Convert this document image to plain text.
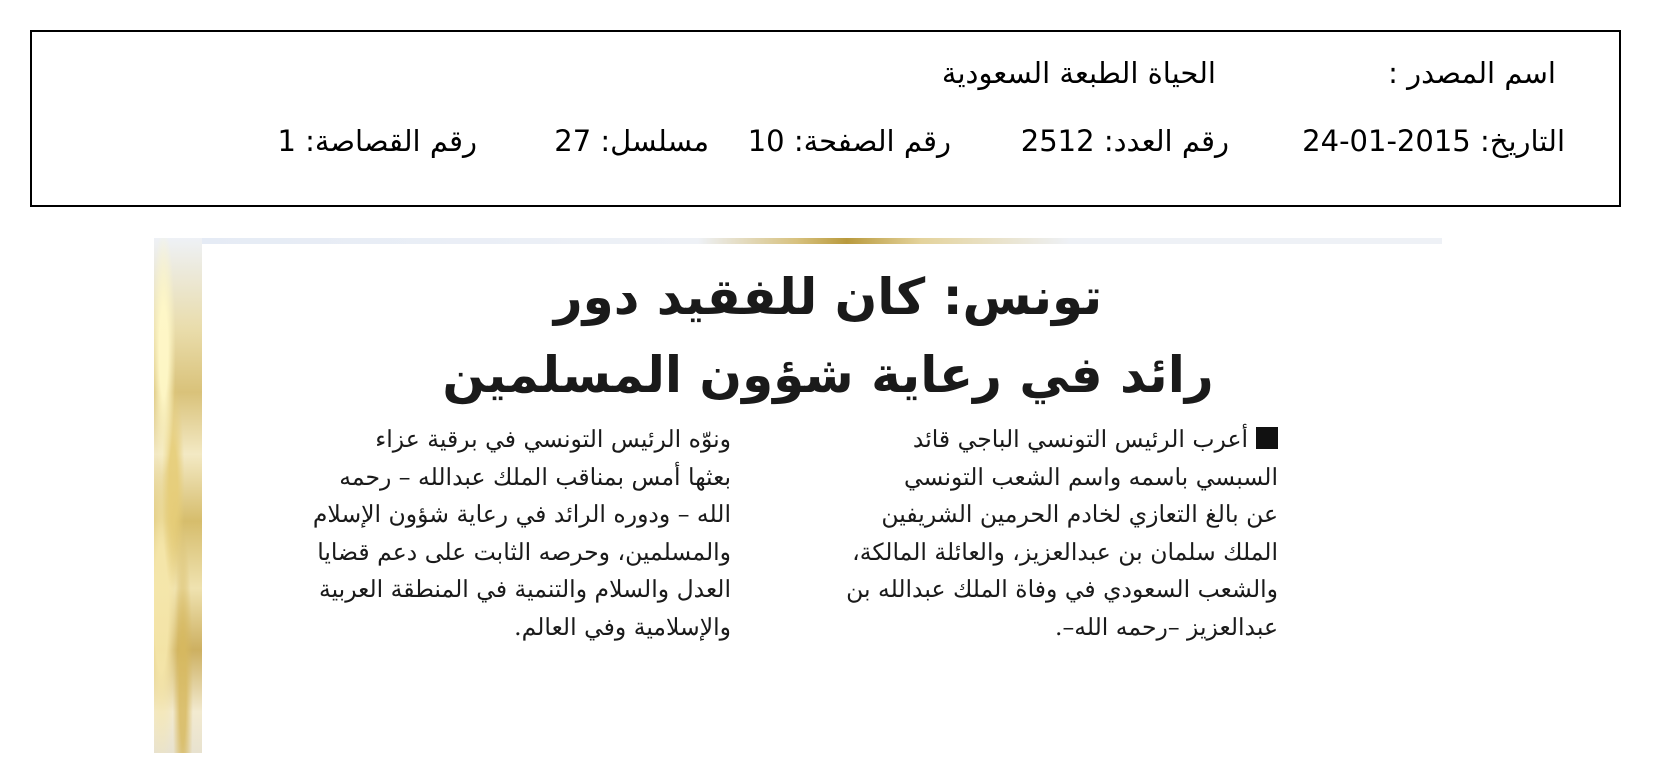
اسم المصدر :
الحياة الطبعة السعودية
التاريخ: 2015-01-24
رقم العدد: 2512
رقم الصفحة: 10
مسلسل: 27
رقم القصاصة: 1
تونس: كان للفقيد دور
رائد في رعاية شؤون المسلمين
أعرب الرئيس التونسي الباجي قائد
السبسي باسمه واسم الشعب التونسي
عن بالغ التعازي لخادم الحرمين الشريفين
الملك سلمان بن عبدالعزيز، والعائلة المالكة،
والشعب السعودي في وفاة الملك عبدالله بن
عبدالعزيز –رحمه الله–.
ونوّه الرئيس التونسي في برقية عزاء
بعثها أمس بمناقب الملك عبدالله – رحمه
الله – ودوره الرائد في رعاية شؤون الإسلام
والمسلمين، وحرصه الثابت على دعم قضايا
العدل والسلام والتنمية في المنطقة العربية
والإسلامية وفي العالم.
